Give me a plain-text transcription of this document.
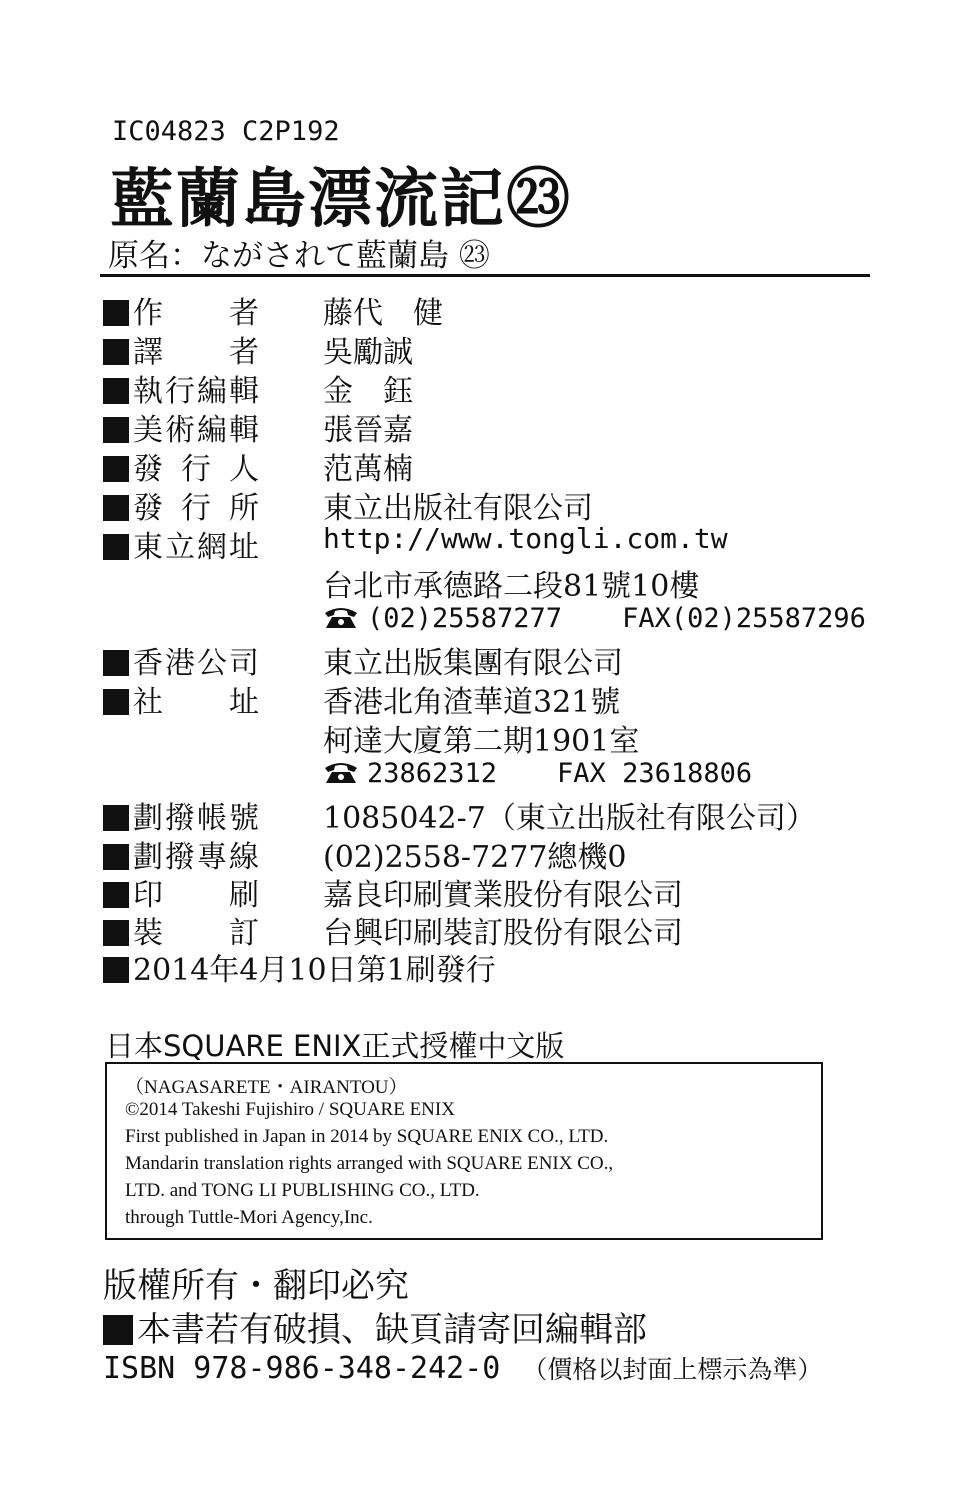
IC04823 C2P192
藍蘭島漂流記㉓
原名：ながされて藍蘭島 ㉓
作 者 藤代　健
譯 者 吳勵誠
執行編輯 金　鈺
美術編輯 張晉嘉
發 行 人 范萬楠
發 行 所 東立出版社有限公司
東立網址 http://www.tongli.com.tw
台北市承德路二段81號10樓
(02)25587277 FAX(02)25587296
香港公司 東立出版集團有限公司
社 址 香港北角渣華道321號
柯達大廈第二期1901室
23862312 FAX 23618806
劃撥帳號 1085042-7（東立出版社有限公司）
劃撥專線 (02)2558-7277總機0
印 刷 嘉良印刷實業股份有限公司
裝 訂 台興印刷裝訂股份有限公司
2014年4月10日第1刷發行
日本SQUARE ENIX正式授權中文版
（NAGASARETE・AIRANTOU）
©2014 Takeshi Fujishiro / SQUARE ENIX
First published in Japan in 2014 by SQUARE ENIX CO., LTD.
Mandarin translation rights arranged with SQUARE ENIX CO.,
LTD. and TONG LI PUBLISHING CO., LTD.
through Tuttle-Mori Agency,Inc.
版權所有・翻印必究
本書若有破損、缺頁請寄回編輯部
ISBN 978-986-348-242-0 （價格以封面上標示為準）
